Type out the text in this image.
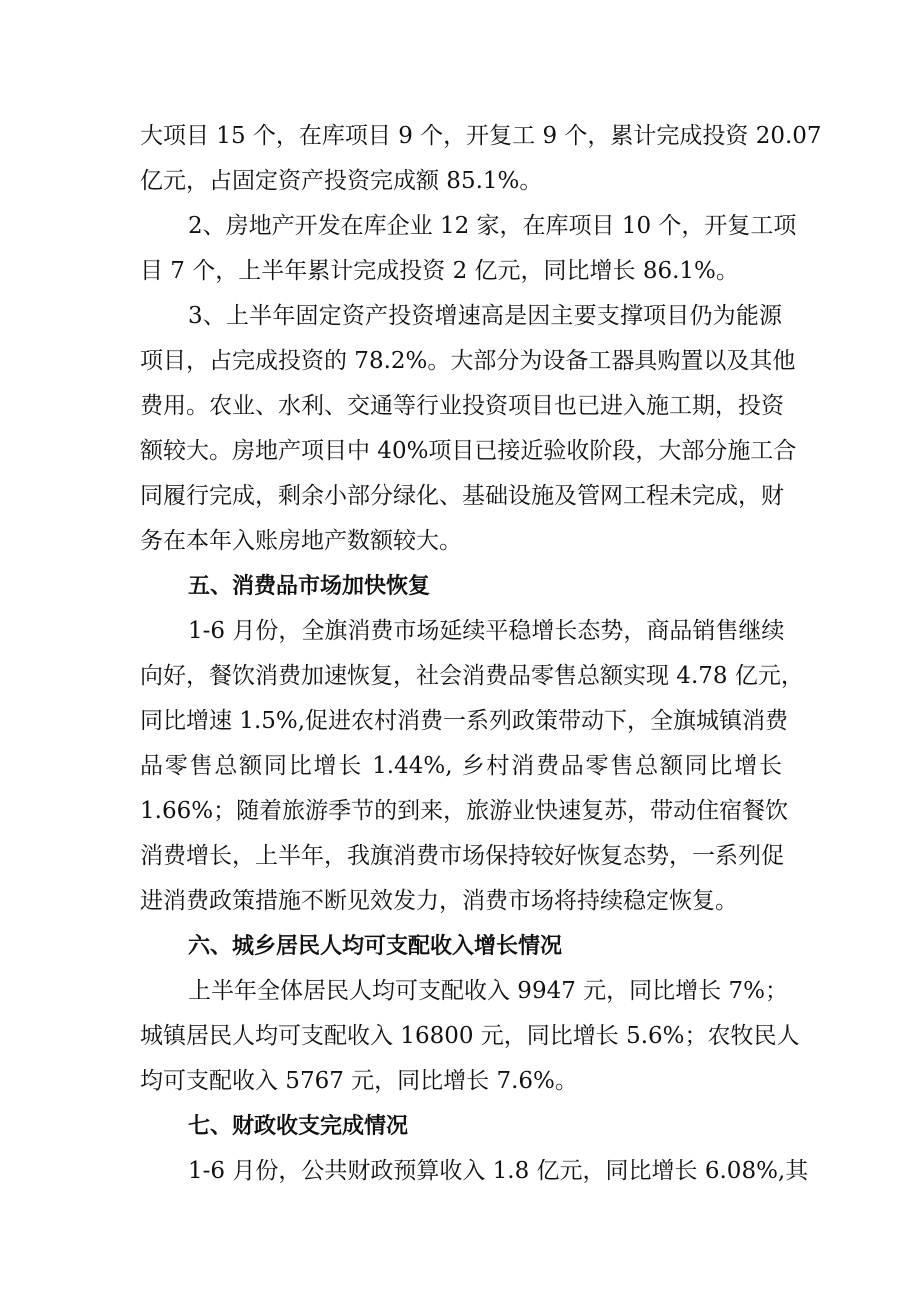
大项目 15 个，在库项目 9 个，开复工 9 个，累计完成投资 20.07
亿元，占固定资产投资完成额 85.1%。
2、房地产开发在库企业 12 家，在库项目 10 个，开复工项
目 7 个，上半年累计完成投资 2 亿元，同比增长 86.1%。
3、上半年固定资产投资增速高是因主要支撑项目仍为能源
项目，占完成投资的 78.2%。大部分为设备工器具购置以及其他
费用。农业、水利、交通等行业投资项目也已进入施工期，投资
额较大。房地产项目中 40%项目已接近验收阶段，大部分施工合
同履行完成，剩余小部分绿化、基础设施及管网工程未完成，财
务在本年入账房地产数额较大。
五、消费品市场加快恢复
1-6 月份，全旗消费市场延续平稳增长态势，商品销售继续
向好，餐饮消费加速恢复，社会消费品零售总额实现 4.78 亿元，
同比增速 1.5%,促进农村消费一系列政策带动下，全旗城镇消费
品零售总额同比增长 1.44%, 乡村消费品零售总额同比增长
1.66%；随着旅游季节的到来，旅游业快速复苏，带动住宿餐饮
消费增长，上半年，我旗消费市场保持较好恢复态势，一系列促
进消费政策措施不断见效发力，消费市场将持续稳定恢复。
六、城乡居民人均可支配收入增长情况
上半年全体居民人均可支配收入 9947 元，同比增长 7%；
城镇居民人均可支配收入 16800 元，同比增长 5.6%；农牧民人
均可支配收入 5767 元，同比增长 7.6%。
七、财政收支完成情况
1-6 月份，公共财政预算收入 1.8 亿元，同比增长 6.08%,其
